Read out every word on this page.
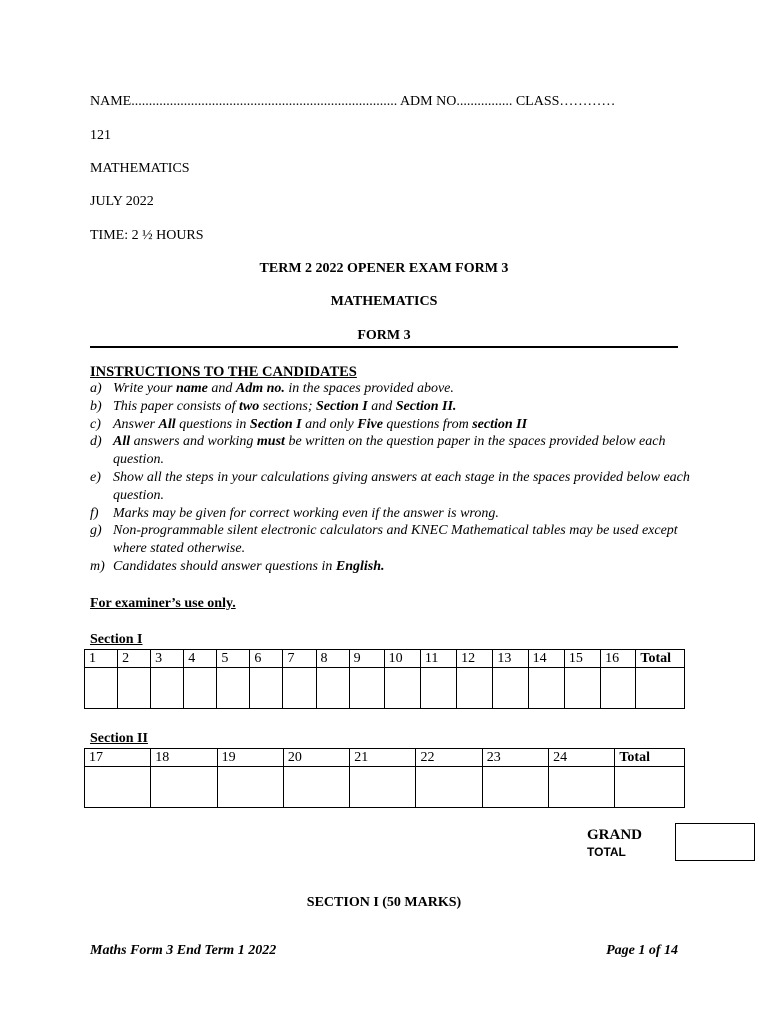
NAME............................................................................ ADM NO................ CLASS…………
121
MATHEMATICS
JULY 2022
TIME: 2 ½ HOURS
TERM 2 2022 OPENER EXAM FORM 3
MATHEMATICS
FORM 3
INSTRUCTIONS TO THE CANDIDATES
a) Write your name and Adm no. in the spaces provided above.
b) This paper consists of two sections; Section I and Section II.
c) Answer All questions in Section I and only Five questions from section II
d) All answers and working must be written on the question paper in the spaces provided below each question.
e) Show all the steps in your calculations giving answers at each stage in the spaces provided below each question.
f) Marks may be given for correct working even if the answer is wrong.
g) Non-programmable silent electronic calculators and KNEC Mathematical tables may be used except where stated otherwise.
m) Candidates should answer questions in English.
For examiner’s use only.
Section I
1	2	3	4	5	6	7	8	9	10	11	12	13	14	15	16	Total

Section II
17	18	19	20	21	22	23	24	Total

GRAND
TOTAL
SECTION I (50 MARKS)
Maths Form 3 End Term 1 2022	Page 1 of 14
